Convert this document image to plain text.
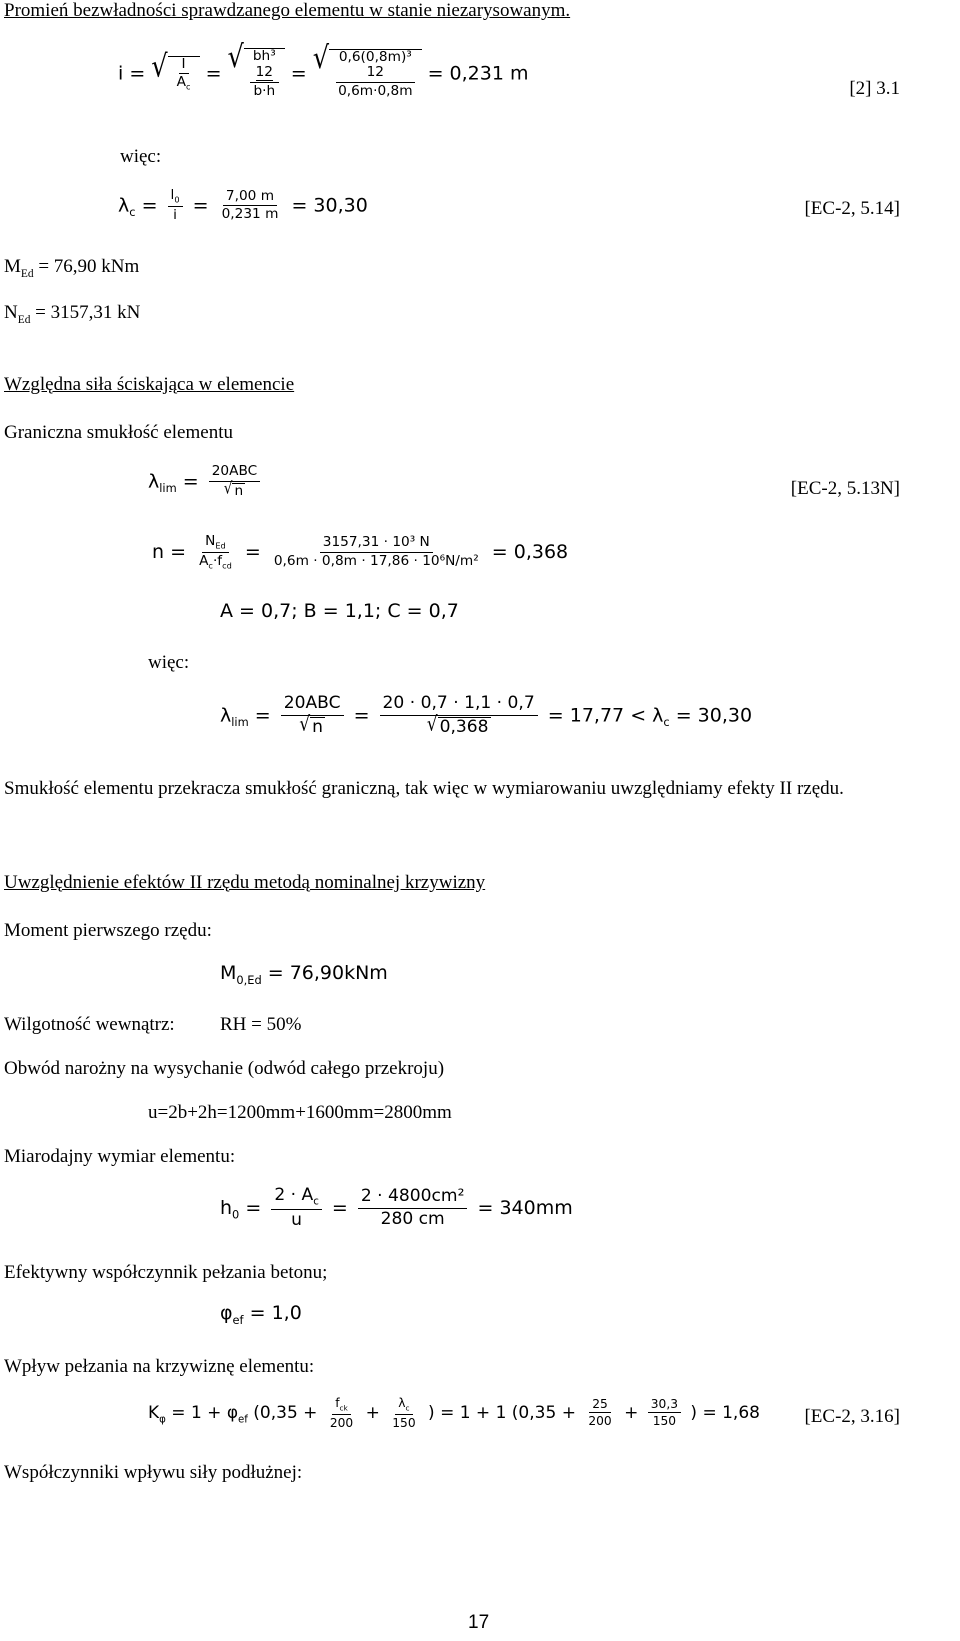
Promień bezwładności sprawdzanego elementu w stanie niezarysowanym.
i = √ $\frac{I}{A_c}$ = √ bh³
12
b·h
= √ 0,6(0,8m)³
12
0,6m·0,8m
= 0,231 m
[2] 3.1
więc:
$\lambda_c = \frac{l_0}{i} = \frac{7,00 m}{0,231 m} = 30,30$	[EC-2, 5.14]
$M_{Ed} = 76,90$ kNm
$N_{Ed} = 3157,31$ kN
Względna siła ściskająca w elemencie
Graniczna smukłość elementu
$\lambda_{lim} = \frac{\text{20ABC}}{√ n}$	[EC-2, 5.13N]
$n = \frac{N_{Ed}}{A_c\cdot f_{cd}} = \frac{\text{3157,31 · 10³ N}}{\text{0,6m · 0,8m · 17,86 · 10⁶N/m²}} = 0,368$
A = 0,7; B = 1,1; C = 0,7
więc:
$\lambda_{lim} = \frac{\text{20ABC}}{√ n} = \frac{20 \cdot 0,7 \cdot 1,1 \cdot 0,7}{√ 0,368} = 17,77 < \lambda_c = 30,30$
Smukłość elementu przekracza smukłość graniczną, tak więc w wymiarowaniu uwzględniamy efekty II rzędu.
Uwzględnienie efektów II rzędu metodą nominalnej krzywizny
Moment pierwszego rzędu:
$M_{0,Ed} = 76,90kNm$
Wilgotność wewnątrz: RH = 50%
Obwód narożny na wysychanie (odwód całego przekroju)
u=2b+2h=1200mm+1600mm=2800mm
Miarodajny wymiar elementu:
$h_0 = \frac{2 \cdot A_c}{u} = \frac{\text{2 · 4800cm²}}{280 cm} = 340mm$
Efektywny współczynnik pełzania betonu;
$\varphi_{ef} = 1,0$
Wpływ pełzania na krzywiznę elementu:
$K_\varphi = 1 + \varphi_{ef}$ ($0,35 + \frac{f_{ck}}{200} + \frac{\lambda_c}{150}$ ) = 1 + 1 ($0,35 + \frac{25}{200} + \frac{30,3}{150}$ ) = 1,68 [EC-2, 3.16]
Współczynniki wpływu siły podłużnej:
17
